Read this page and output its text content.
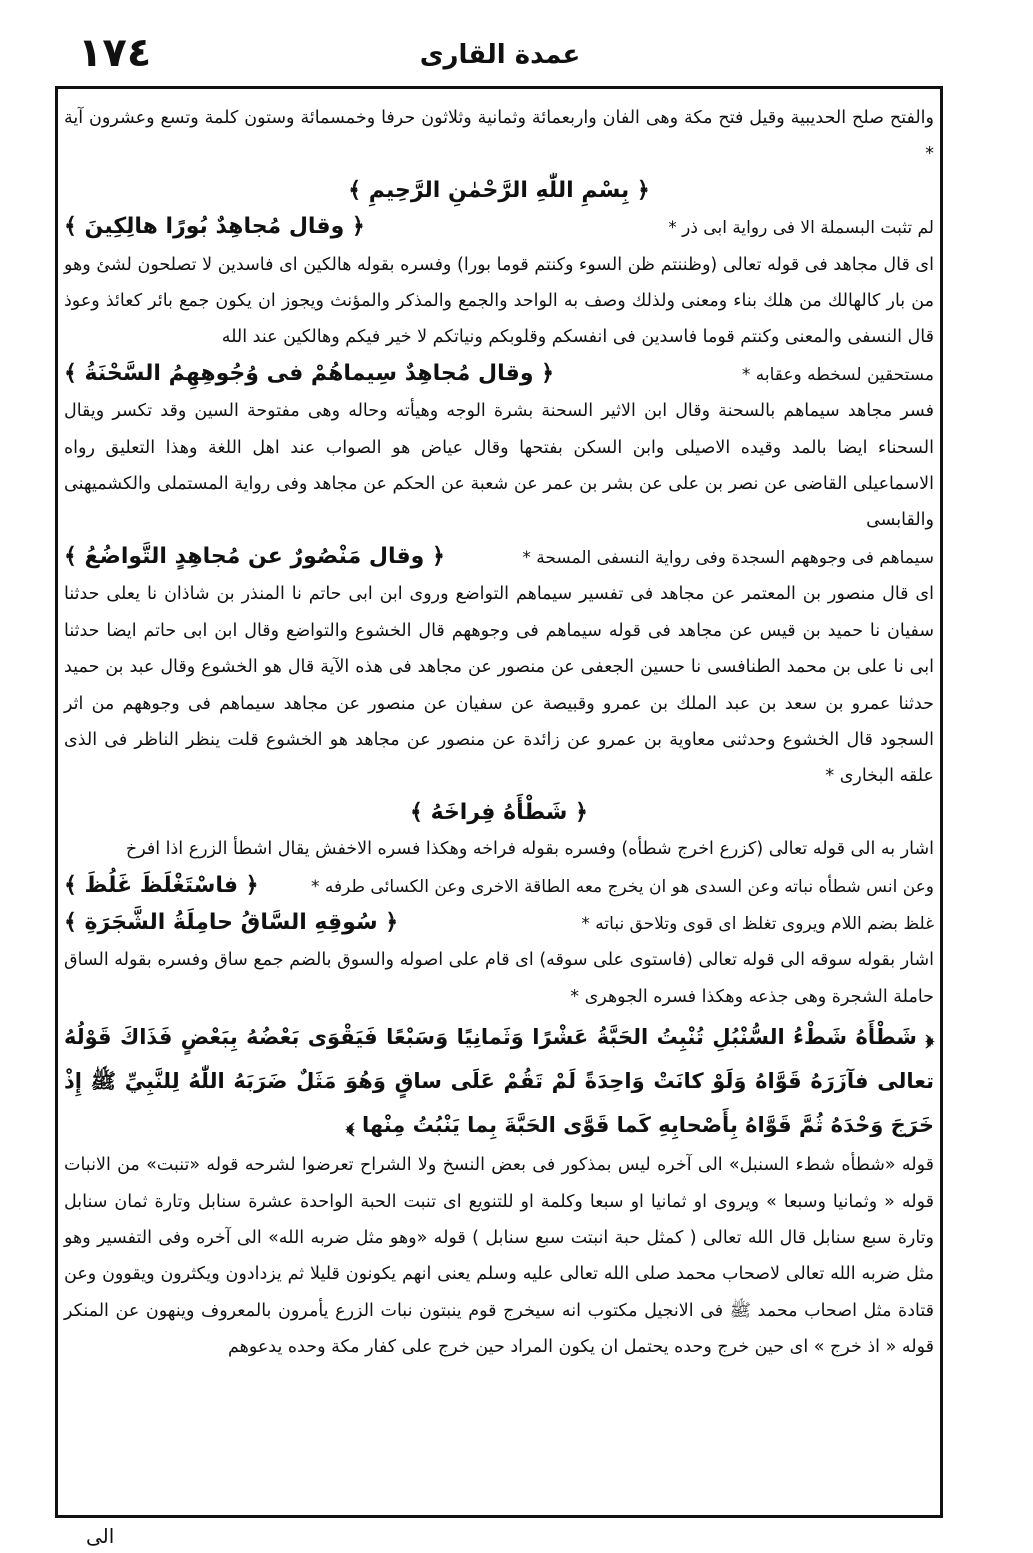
١٧٤	عمدة القارى

والفتح صلح الحديبية وقيل فتح مكة وهى الفان واربعمائة وثمانية وثلاثون حرفا وخمسمائة وستون كلمة وتسع وعشرون آية *

﴿ بِسْمِ اللّٰهِ الرَّحْمٰنِ الرَّحِيمِ ﴾

لم تثبت البسملة الا فى رواية ابى ذر *
﴿ وقال مُجاهِدٌ بُورًا هالِكِينَ ﴾

اى قال مجاهد فى قوله تعالى (وظننتم ظن السوء وكنتم قوما بورا) وفسره بقوله هالكين اى فاسدين لا تصلحون لشئ وهو من بار كالهالك من هلك بناء ومعنى ولذلك وصف به الواحد والجمع والمذكر والمؤنث ويجوز ان يكون جمع بائر كعائذ وعوذ قال النسفى والمعنى وكنتم قوما فاسدين فى انفسكم وقلوبكم ونياتكم لا خير فيكم وهالكين عند الله

مستحقين لسخطه وعقابه *
﴿ وقال مُجاهِدٌ سِيماهُمْ فى وُجُوهِهِمُ السَّحْنَةُ ﴾

فسر مجاهد سيماهم بالسحنة وقال ابن الاثير السحنة بشرة الوجه وهيأته وحاله وهى مفتوحة السين وقد تكسر ويقال السحناء ايضا بالمد وقيده الاصيلى وابن السكن بفتحها وقال عياض هو الصواب عند اهل اللغة وهذا التعليق رواه الاسماعيلى القاضى عن نصر بن على عن بشر بن عمر عن شعبة عن الحكم عن مجاهد وفى رواية المستملى والكشميهنى والقابسى

سيماهم فى وجوههم السجدة وفى رواية النسفى المسحة *
﴿ وقال مَنْصُورٌ عن مُجاهِدٍ التَّواضُعُ ﴾

اى قال منصور بن المعتمر عن مجاهد فى تفسير سيماهم التواضع وروى ابن ابى حاتم نا المنذر بن شاذان نا يعلى حدثنا سفيان نا حميد بن قيس عن مجاهد فى قوله سيماهم فى وجوههم قال الخشوع والتواضع وقال ابن ابى حاتم ايضا حدثنا ابى نا على بن محمد الطنافسى نا حسين الجعفى عن منصور عن مجاهد فى هذه الآية قال هو الخشوع وقال عبد بن حميد حدثنا عمرو بن سعد بن عبد الملك بن عمرو وقبيصة عن سفيان عن منصور عن مجاهد سيماهم فى وجوههم من اثر السجود قال الخشوع وحدثنى معاوية بن عمرو عن زائدة عن منصور عن مجاهد هو الخشوع قلت ينظر الناظر فى الذى علقه البخارى *

﴿ شَطْأَهُ فِراخَهُ ﴾

اشار به الى قوله تعالى (كزرع اخرج شطأه) وفسره بقوله فراخه وهكذا فسره الاخفش يقال اشطأ الزرع اذا افرخ

وعن انس شطأه نباته وعن السدى هو ان يخرج معه الطاقة الاخرى وعن الكسائى طرفه *
﴿ فاسْتَغْلَظَ غَلُظَ ﴾
غلظ بضم اللام ويروى تغلظ اى قوى وتلاحق نباته *
﴿ سُوقِهِ السَّاقُ حامِلَةُ الشَّجَرَةِ ﴾

اشار بقوله سوقه الى قوله تعالى (فاستوى على سوقه) اى قام على اصوله والسوق بالضم جمع ساق وفسره بقوله الساق حاملة الشجرة وهى جذعه وهكذا فسره الجوهرى *

﴿ شَطْأَهُ شَطْءُ السُّنْبُلِ تُنْبِتُ الحَبَّةُ عَشْرًا وَثَمانِيًا وَسَبْعًا فَيَقْوَى بَعْضُهُ بِبَعْضٍ فَذَاكَ قَوْلُهُ تعالى فآزَرَهُ قَوَّاهُ وَلَوْ كانَتْ وَاحِدَةً لَمْ تَقُمْ عَلَى ساقٍ وَهُوَ مَثَلٌ ضَرَبَهُ اللّٰهُ لِلنَّبِيِّ ﷺ إِذْ خَرَجَ وَحْدَهُ ثُمَّ قَوَّاهُ بِأَصْحابِهِ كَما قَوَّى الحَبَّةَ بِما يَنْبُتُ مِنْها ﴾

قوله «شطأه شطء السنبل» الى آخره ليس بمذكور فى بعض النسخ ولا الشراح تعرضوا لشرحه قوله «تنبت» من الانبات قوله « وثمانيا وسبعا » ويروى او ثمانيا او سبعا وكلمة او للتنويع اى تنبت الحبة الواحدة عشرة سنابل وتارة ثمان سنابل وتارة سبع سنابل قال الله تعالى ( كمثل حبة انبتت سبع سنابل ) قوله «وهو مثل ضربه الله» الى آخره وفى التفسير وهو مثل ضربه الله تعالى لاصحاب محمد صلى الله تعالى عليه وسلم يعنى انهم يكونون قليلا ثم يزدادون ويكثرون ويقوون وعن قتادة مثل اصحاب محمد ﷺ فى الانجيل مكتوب انه سيخرج قوم ينبتون نبات الزرع يأمرون بالمعروف وينهون عن المنكر قوله « اذ خرج » اى حين خرج وحده يحتمل ان يكون المراد حين خرج على كفار مكة وحده يدعوهم

الى
